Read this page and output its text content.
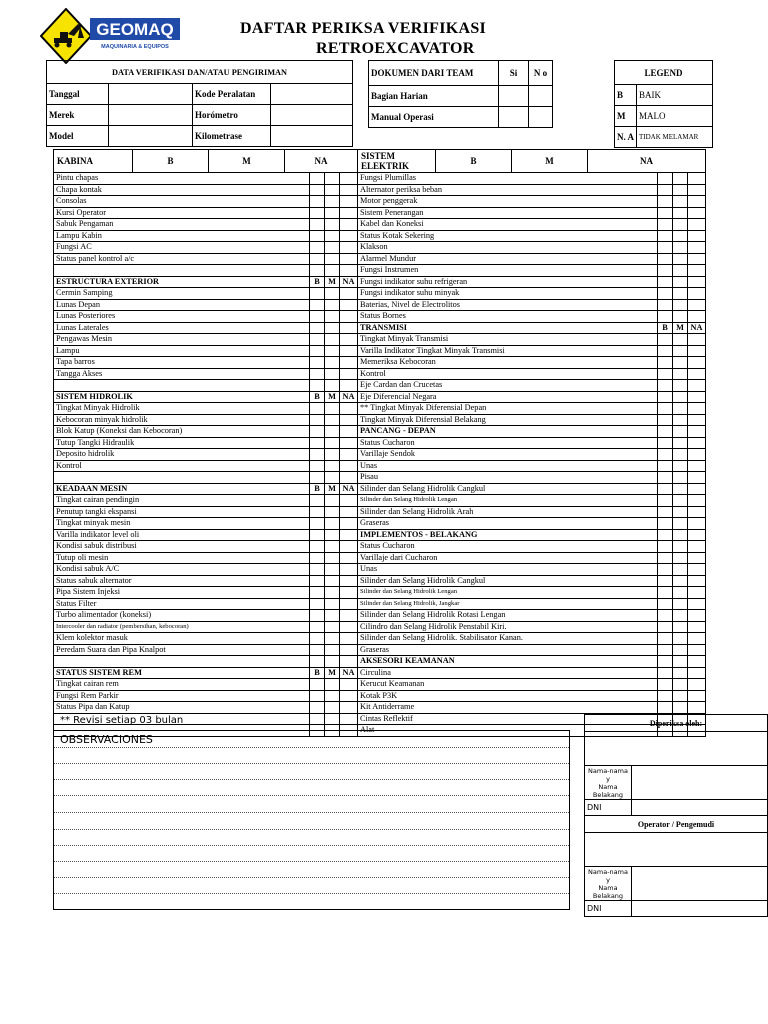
GEOMAQ
MAQUINARIA & EQUIPOS
DAFTAR PERIKSA VERIFIKASI
RETROEXCAVATOR
DATA VERIFIKASI DAN/ATAU PENGIRIMAN			
Tanggal		Kode Peralatan	
Merek		Horómetro	
Model		Kilometrase	
DOKUMEN DARI TEAM	Si	N o
Bagian Harian		
Manual Operasi		
LEGEND	
B	BAIK
M	MALO
N. A	TIDAK MELAMAR
KABINA B M NA				SISTEM ELEKTRIK B M NA			

Pintu chapas				Fungsi Plumillas			
Chapa kontak				Alternator periksa beban			
Consolas				Motor penggerak			
Kursi Operator				Sistem Penerangan			
Sabuk Pengaman				Kabel dan Koneksi			
Lampu Kabin				Status Kotak Sekering			
Fungsi AC				Klakson			
Status panel kontrol a/c				Alarmel Mundur			
				Fungsi Instrumen			
ESTRUCTURA EXTERIOR	B	M	NA	Fungsi indikator suhu refrigeran			
Cermin Samping				Fungsi indikator suhu minyak			
Lunas Depan				Baterias, Nivel de Electrolitos			
Lunas Posteriores				Status Bornes			
Lunas Laterales				TRANSMISI	B	M	NA
Pengawas Mesin				Tingkat Minyak Transmisi			
Lampu				Varilla Indikator Tingkat Minyak Transmisi			
Tapa barros				Memeriksa Kebocoran			
Tangga Akses				Kontrol			
				Eje Cardan dan Crucetas			
SISTEM HIDROLIK	B	M	NA	Eje Diferencial Negara			
Tingkat Minyak Hidrolik				** Tingkat Minyak Diferensial Depan			
Kebocoran minyak hidrolik				Tingkat Minyak Diferensial Belakang			
Blok Katup (Koneksi dan Kebocoran)				PANCANG - DEPAN			
Tutup Tangki Hidraulik				Status Cucharon			
Deposito hidrolik				Varillaje Sendok			
Kontrol				Unas			
				Pisau			
KEADAAN MESIN	B	M	NA	Silinder dan Selang Hidrolik Cangkul			
Tingkat cairan pendingin				Silinder dan Selang Hidrolik Lengan			
Penutup tangki ekspansi				Silinder dan Selang Hidrolik Arah			
Tingkat minyak mesin				Graseras			
Varilla indikator level oli				IMPLEMENTOS - BELAKANG			
Kondisi sabuk distribusi				Status Cucharon			
Tutup oli mesin				Varillaje dari Cucharon			
Kondisi sabuk A/C				Unas			
Status sabuk alternator				Silinder dan Selang Hidrolik Cangkul			
Pipa Sistem Injeksi				Silinder dan Selang Hidrolik Lengan			
Status Filter				Silinder dan Selang Hidrolik, Jangkar			
Turbo alimentador (koneksi)				Silinder dan Selang Hidrolik Rotasi Lengan			
Intercooler dan radiator (pembersihan, kebocoran)				Cilindro dan Selang Hidrolik Penstabil Kiri.			
Klem kolektor masuk				Silinder dan Selang Hidrolik. Stabilisator Kanan.			
Peredam Suara dan Pipa Knalpot				Graseras			
				AKSESORI KEAMANAN			
STATUS SISTEM REM	B	M	NA	Circulina			
Tingkat cairan rem				Kerucut Keamanan			
Fungsi Rem Parkir				Kotak P3K			
Status Pipa dan Katup				Kit Antiderrame			
				Cintas Reflektif			
				Alat			
** Revisi setiap 03 bulan
OBSERVACIONES
Diperiksa oleh:	

Nama-nama
y
Nama Belakang	

DNI	
Operator / Pengemudi	

Nama-nama
y
Nama Belakang	

DNI	
